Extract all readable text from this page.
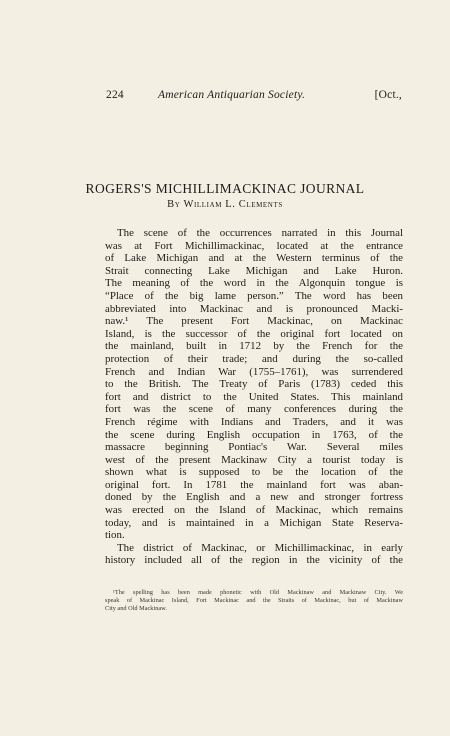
224	American Antiquarian Society.	[Oct.,
ROGERS'S MICHILLIMACKINAC JOURNAL
By William L. Clements
The scene of the occurrences narrated in this Journal
was at Fort Michillimackinac, located at the entrance
of Lake Michigan and at the Western terminus of the
Strait connecting Lake Michigan and Lake Huron.
The meaning of the word in the Algonquin tongue is
“Place of the big lame person.” The word has been
abbreviated into Mackinac and is pronounced Macki-
naw.¹ The present Fort Mackinac, on Mackinac
Island, is the successor of the original fort located on
the mainland, built in 1712 by the French for the
protection of their trade; and during the so-called
French and Indian War (1755–1761), was surrendered
to the British. The Treaty of Paris (1783) ceded this
fort and district to the United States. This mainland
fort was the scene of many conferences during the
French régime with Indians and Traders, and it was
the scene during English occupation in 1763, of the
massacre beginning Pontiac's War. Several miles
west of the present Mackinaw City a tourist today is
shown what is supposed to be the location of the
original fort. In 1781 the mainland fort was aban-
doned by the English and a new and stronger fortress
was erected on the Island of Mackinac, which remains
today, and is maintained in a Michigan State Reserva-
tion.
The district of Mackinac, or Michillimackinac, in early
history included all of the region in the vicinity of the
¹The spelling has been made phonetic with Old Mackinaw and Mackinaw City. We
speak of Mackinac Island, Fort Mackinac and the Straits of Mackinac, but of Mackinaw
City and Old Mackinaw.
